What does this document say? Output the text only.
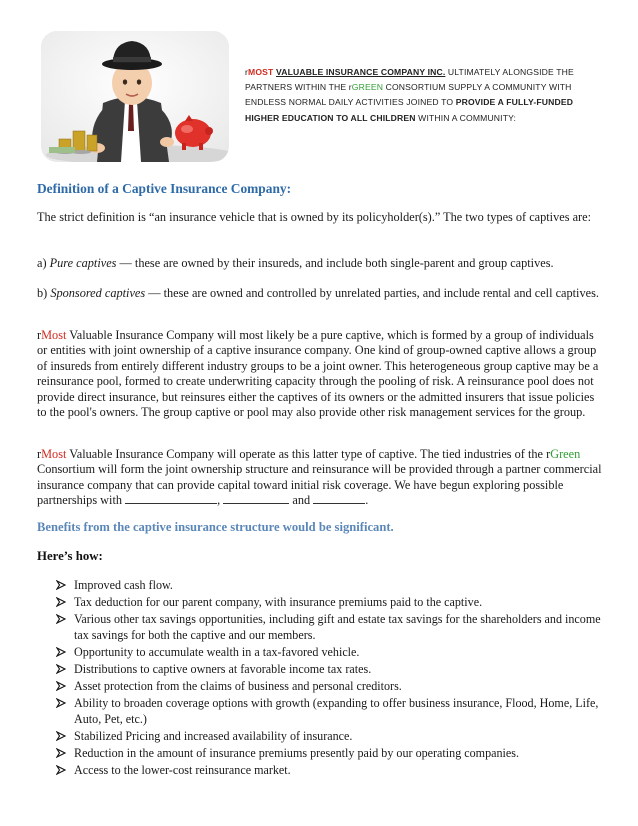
rMOST VALUABLE INSURANCE COMPANY INC. ULTIMATELY ALONGSIDE THE PARTNERS WITHIN THE rGREEN CONSORTIUM SUPPLY A COMMUNITY WITH ENDLESS NORMAL DAILY ACTIVITIES JOINED TO PROVIDE A FULLY-FUNDED HIGHER EDUCATION TO ALL CHILDREN WITHIN A COMMUNITY:
Definition of a Captive Insurance Company:
The strict definition is “an insurance vehicle that is owned by its policyholder(s).” The two types of captives are:
a) Pure captives — these are owned by their insureds, and include both single-parent and group captives.
b) Sponsored captives — these are owned and controlled by unrelated parties, and include rental and cell captives.
rMost Valuable Insurance Company will most likely be a pure captive, which is formed by a group of individuals or entities with joint ownership of a captive insurance company. One kind of group-owned captive allows a group of insureds from entirely different industry groups to be a joint owner. This heterogeneous group captive may be a reinsurance pool, formed to create underwriting capacity through the pooling of risk. A reinsurance pool does not provide direct insurance, but reinsures either the captives of its owners or the admitted insurers that issue policies to the pool's owners. The group captive or pool may also provide other risk management services for the group.
rMost Valuable Insurance Company will operate as this latter type of captive. The tied industries of the rGreen Consortium will form the joint ownership structure and reinsurance will be provided through a partner commercial insurance company that can provide capital toward initial risk coverage. We have begun exploring possible partnerships with	,	and	.
Benefits from the captive insurance structure would be significant.
Here’s how:
Improved cash flow.
Tax deduction for our parent company, with insurance premiums paid to the captive.
Various other tax savings opportunities, including gift and estate tax savings for the shareholders and income tax savings for both the captive and our members.
Opportunity to accumulate wealth in a tax-favored vehicle.
Distributions to captive owners at favorable income tax rates.
Asset protection from the claims of business and personal creditors.
Ability to broaden coverage options with growth (expanding to offer business insurance, Flood, Home, Life, Auto, Pet, etc.)
Stabilized Pricing and increased availability of insurance.
Reduction in the amount of insurance premiums presently paid by our operating companies.
Access to the lower-cost reinsurance market.
